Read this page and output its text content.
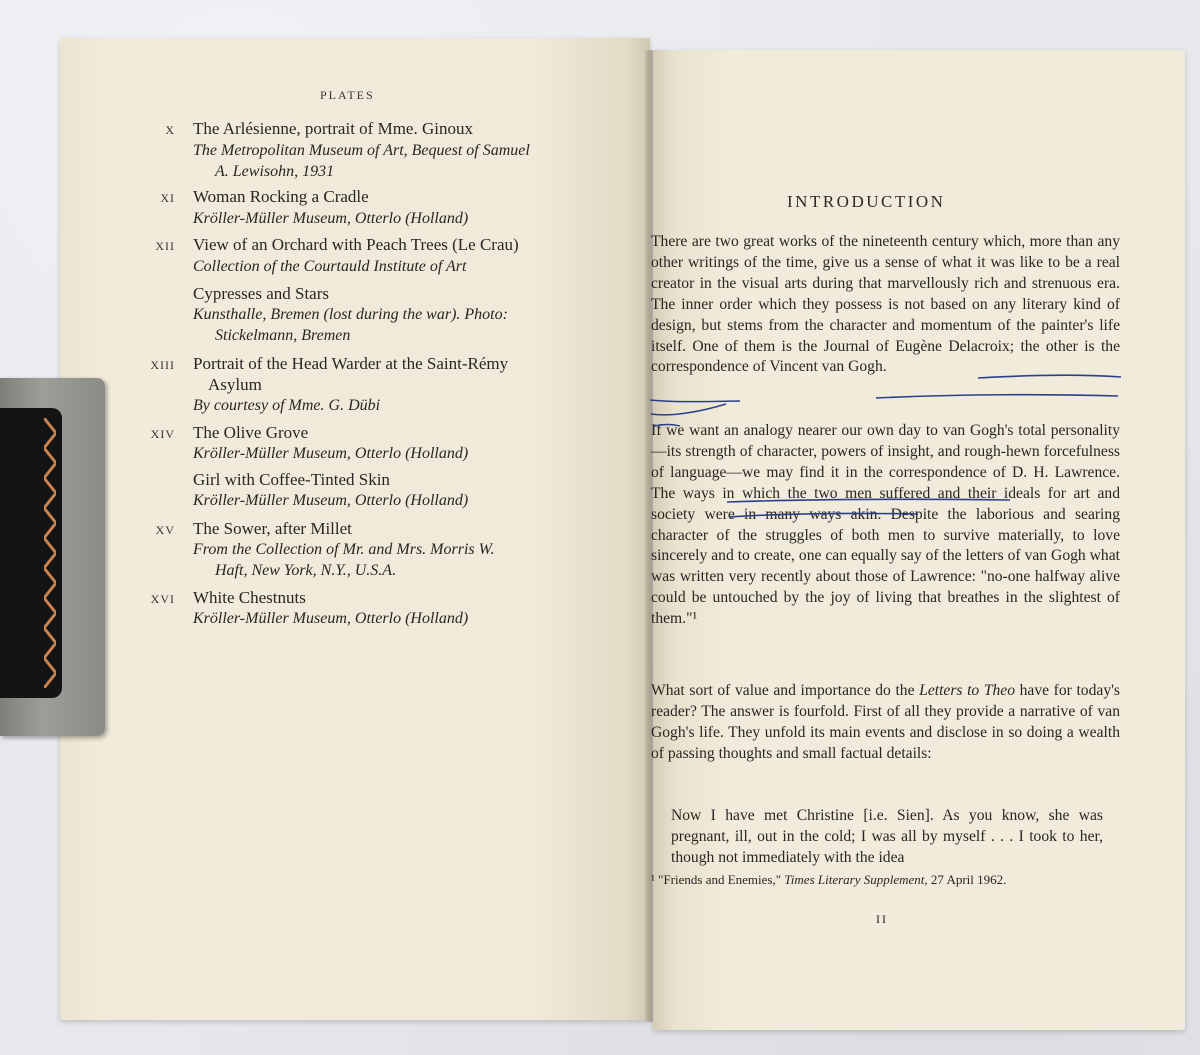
PLATES
X The Arlésienne, portrait of Mme. Ginoux
The Metropolitan Museum of Art, Bequest of Samuel
A. Lewisohn, 1931
XI Woman Rocking a Cradle
Kröller-Müller Museum, Otterlo (Holland)
XII View of an Orchard with Peach Trees (Le Crau)
Collection of the Courtauld Institute of Art
Cypresses and Stars
Kunsthalle, Bremen (lost during the war). Photo:
Stickelmann, Bremen
XIII Portrait of the Head Warder at the Saint-Rémy
Asylum
By courtesy of Mme. G. Dübi
XIV The Olive Grove
Kröller-Müller Museum, Otterlo (Holland)
Girl with Coffee-Tinted Skin
Kröller-Müller Museum, Otterlo (Holland)
XV The Sower, after Millet
From the Collection of Mr. and Mrs. Morris W.
Haft, New York, N.Y., U.S.A.
XVI White Chestnuts
Kröller-Müller Museum, Otterlo (Holland)
INTRODUCTION
There are two great works of the nineteenth century which, more than any other writings of the time, give us a sense of what it was like to be a real creator in the visual arts during that marvellously rich and strenuous era. The inner order which they possess is not based on any literary kind of design, but stems from the character and momentum of the painter's life itself. One of them is the Journal of Eugène Delacroix; the other is the correspondence of Vincent van Gogh.
If we want an analogy nearer our own day to van Gogh's total personality—its strength of character, powers of insight, and rough-hewn forcefulness of language—we may find it in the correspondence of D. H. Lawrence. The ways in which the two men suffered and their ideals for art and society were in many ways akin. Despite the laborious and searing character of the struggles of both men to survive materially, to love sincerely and to create, one can equally say of the letters of van Gogh what was written very recently about those of Lawrence: "no-one halfway alive could be untouched by the joy of living that breathes in the slightest of them."¹
What sort of value and importance do the Letters to Theo have for today's reader? The answer is fourfold. First of all they provide a narrative of van Gogh's life. They unfold its main events and disclose in so doing a wealth of passing thoughts and small factual details:
Now I have met Christine [i.e. Sien]. As you know, she was pregnant, ill, out in the cold; I was all by myself . . . I took to her, though not immediately with the idea
¹ "Friends and Enemies," Times Literary Supplement, 27 April 1962.
II
